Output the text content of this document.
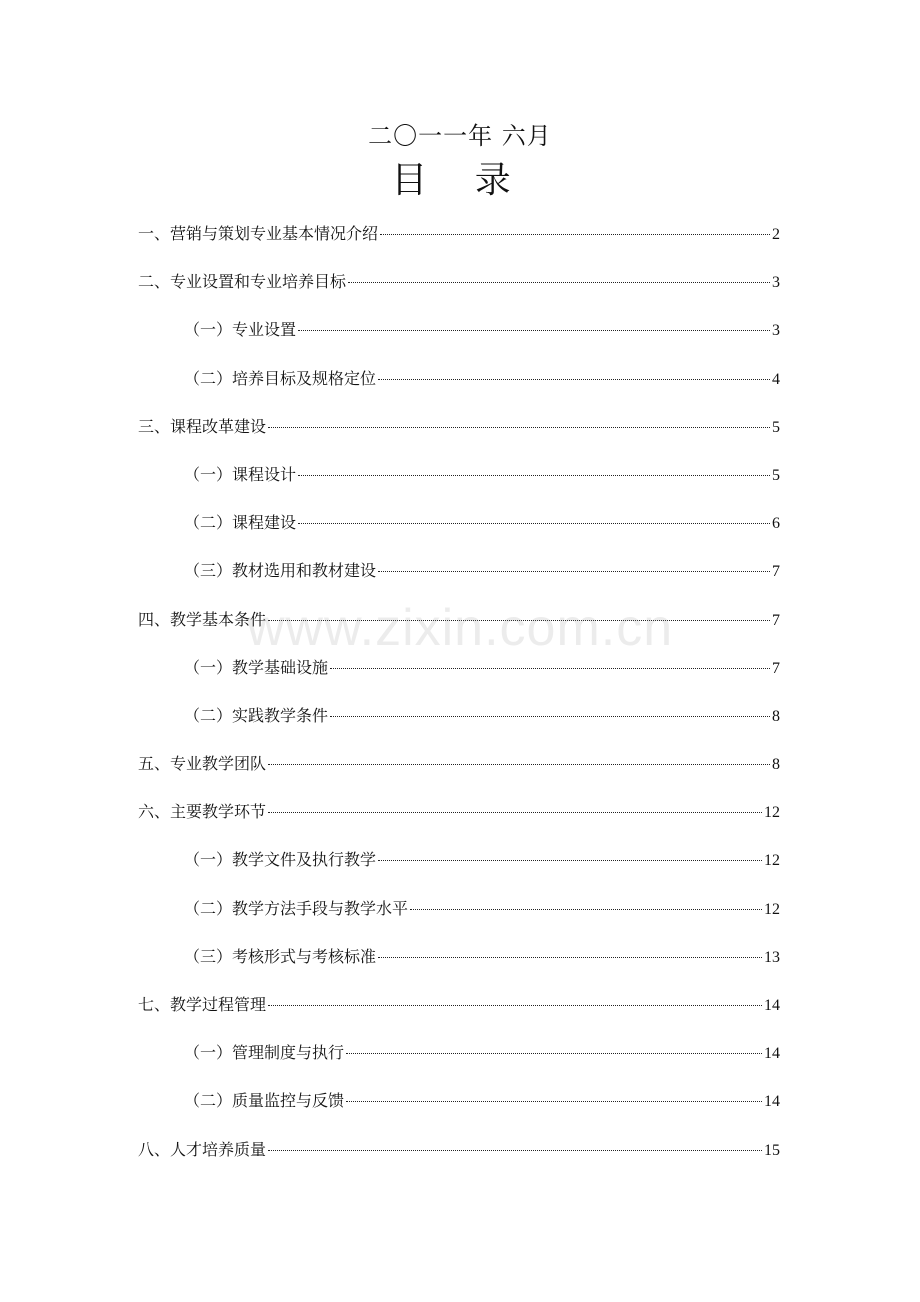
二〇一一年 六月
目 录
一、营销与策划专业基本情况介绍	2
二、专业设置和专业培养目标	3
（一）专业设置	3
（二）培养目标及规格定位	4
三、课程改革建设	5
（一）课程设计	5
（二）课程建设	6
（三）教材选用和教材建设	7
四、教学基本条件	7
（一）教学基础设施	7
（二）实践教学条件	8
五、专业教学团队	8
六、主要教学环节	12
（一）教学文件及执行教学	12
（二）教学方法手段与教学水平	12
（三）考核形式与考核标准	13
七、教学过程管理	14
（一）管理制度与执行	14
（二）质量监控与反馈	14
八、人才培养质量	15
www.zixin.com.cn
